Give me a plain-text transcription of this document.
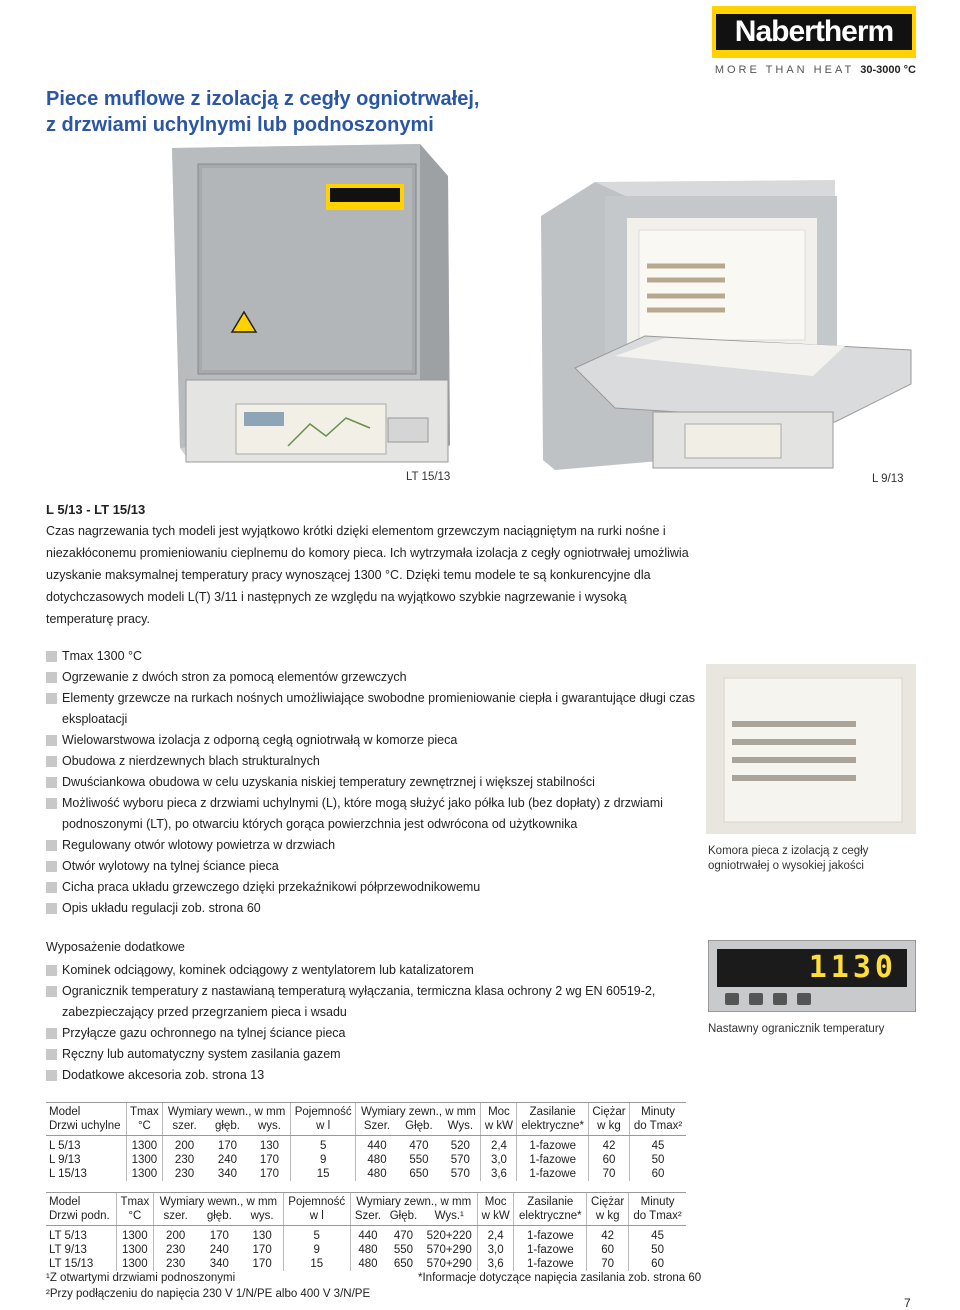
Nabertherm
MORE THAN HEAT 30-3000 °C
Piece muflowe z izolacją z cegły ogniotrwałej,
z drzwiami uchylnymi lub podnoszonymi
LT 15/13	L 9/13
L 5/13 - LT 15/13
Czas nagrzewania tych modeli jest wyjątkowo krótki dzięki elementom grzewczym naciągniętym na rurki nośne i niezakłóconemu promieniowaniu cieplnemu do komory pieca. Ich wytrzymała izolacja z cegły ogniotrwałej umożliwia uzyskanie maksymalnej temperatury pracy wynoszącej 1300 °C. Dzięki temu modele te są konkurencyjne dla dotychczasowych modeli L(T) 3/11 i następnych ze względu na wyjątkowo szybkie nagrzewanie i wysoką temperaturę pracy.
Tmax 1300 °C
Ogrzewanie z dwóch stron za pomocą elementów grzewczych
Elementy grzewcze na rurkach nośnych umożliwiające swobodne promieniowanie ciepła i gwarantujące długi czas eksploatacji
Wielowarstwowa izolacja z odporną cegłą ogniotrwałą w komorze pieca
Obudowa z nierdzewnych blach strukturalnych
Dwuściankowa obudowa w celu uzyskania niskiej temperatury zewnętrznej i większej stabilności
Możliwość wyboru pieca z drzwiami uchylnymi (L), które mogą służyć jako półka lub (bez dopłaty) z drzwiami podnoszonymi (LT), po otwarciu których gorąca powierzchnia jest odwrócona od użytkownika
Regulowany otwór wlotowy powietrza w drzwiach
Otwór wylotowy na tylnej ściance pieca
Cicha praca układu grzewczego dzięki przekaźnikowi półprzewodnikowemu
Opis układu regulacji zob. strona 60
Komora pieca z izolacją z cegły ogniotrwałej o wysokiej jakości
Wyposażenie dodatkowe
Kominek odciągowy, kominek odciągowy z wentylatorem lub katalizatorem
Ogranicznik temperatury z nastawianą temperaturą wyłączania, termiczna klasa ochrony 2 wg EN 60519-2, zabezpieczający przed przegrzaniem pieca i wsadu
Przyłącze gazu ochronnego na tylnej ściance pieca
Ręczny lub automatyczny system zasilania gazem
Dodatkowe akcesoria zob. strona 13
1130
Nastawny ogranicznik temperatury
Model	Tmax	Wymiary wewn., w mm			Pojemność	Wymiary zewn., w mm			Moc	Zasilanie	Ciężar	Minuty
Drzwi uchylne	°C	szer.	głęb.	wys.	w l	Szer.	Głęb.	Wys.	w kW	elektryczne*	w kg	do Tmax²
L 5/13	1300	200	170	130	5	440	470	520	2,4	1-fazowe	42	45
L 9/13	1300	230	240	170	9	480	550	570	3,0	1-fazowe	60	50
L 15/13	1300	230	340	170	15	480	650	570	3,6	1-fazowe	70	60
Model	Tmax	Wymiary wewn., w mm			Pojemność	Wymiary zewn., w mm			Moc	Zasilanie	Ciężar	Minuty
Drzwi podn.	°C	szer.	głęb.	wys.	w l	Szer.	Głęb.	Wys.¹	w kW	elektryczne*	w kg	do Tmax²
LT 5/13	1300	200	170	130	5	440	470	520+220	2,4	1-fazowe	42	45
LT 9/13	1300	230	240	170	9	480	550	570+290	3,0	1-fazowe	60	50
LT 15/13	1300	230	340	170	15	480	650	570+290	3,6	1-fazowe	70	60
¹Z otwartymi drzwiami podnoszonymi
²Przy podłączeniu do napięcia 230 V 1/N/PE albo 400 V 3/N/PE
*Informacje dotyczące napięcia zasilania zob. strona 60
7
